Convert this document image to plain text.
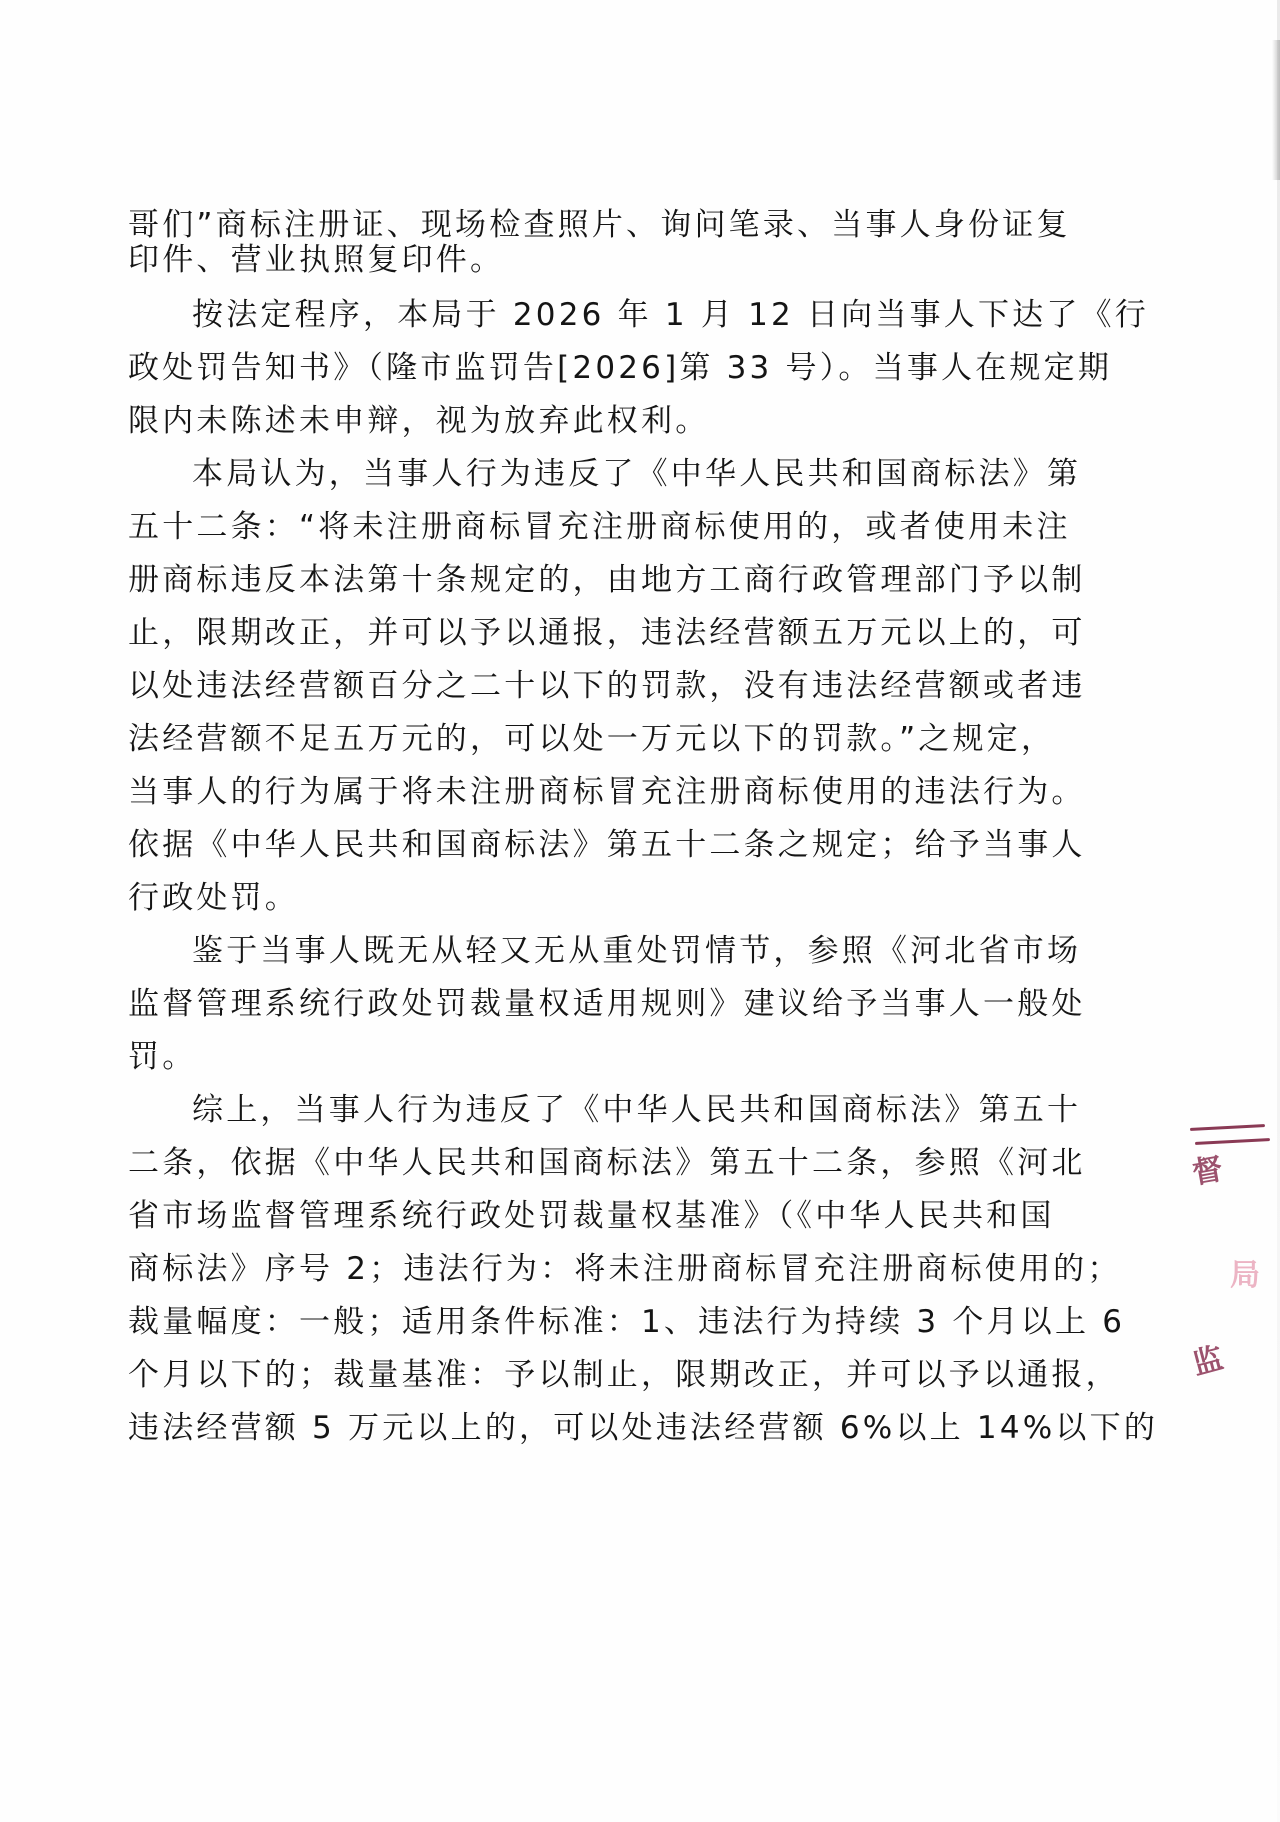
哥们”商标注册证、现场检查照片、询问笔录、当事人身份证复
印件、营业执照复印件。
按法定程序，本局于 2026 年 1 月 12 日向当事人下达了《行
政处罚告知书》（隆市监罚告[2026]第 33 号）。当事人在规定期
限内未陈述未申辩，视为放弃此权利。
本局认为，当事人行为违反了《中华人民共和国商标法》第
五十二条：“将未注册商标冒充注册商标使用的，或者使用未注
册商标违反本法第十条规定的，由地方工商行政管理部门予以制
止，限期改正，并可以予以通报，违法经营额五万元以上的，可
以处违法经营额百分之二十以下的罚款，没有违法经营额或者违
法经营额不足五万元的，可以处一万元以下的罚款。”之规定，
当事人的行为属于将未注册商标冒充注册商标使用的违法行为。
依据《中华人民共和国商标法》第五十二条之规定；给予当事人
行政处罚。
鉴于当事人既无从轻又无从重处罚情节，参照《河北省市场
监督管理系统行政处罚裁量权适用规则》建议给予当事人一般处
罚。
综上，当事人行为违反了《中华人民共和国商标法》第五十
二条，依据《中华人民共和国商标法》第五十二条，参照《河北
省市场监督管理系统行政处罚裁量权基准》（《中华人民共和国
商标法》序号 2；违法行为：将未注册商标冒充注册商标使用的；
裁量幅度：一般；适用条件标准：1、违法行为持续 3 个月以上 6
个月以下的；裁量基准：予以制止，限期改正，并可以予以通报，
违法经营额 5 万元以上的，可以处违法经营额 6%以上 14%以下的
督
局
监
